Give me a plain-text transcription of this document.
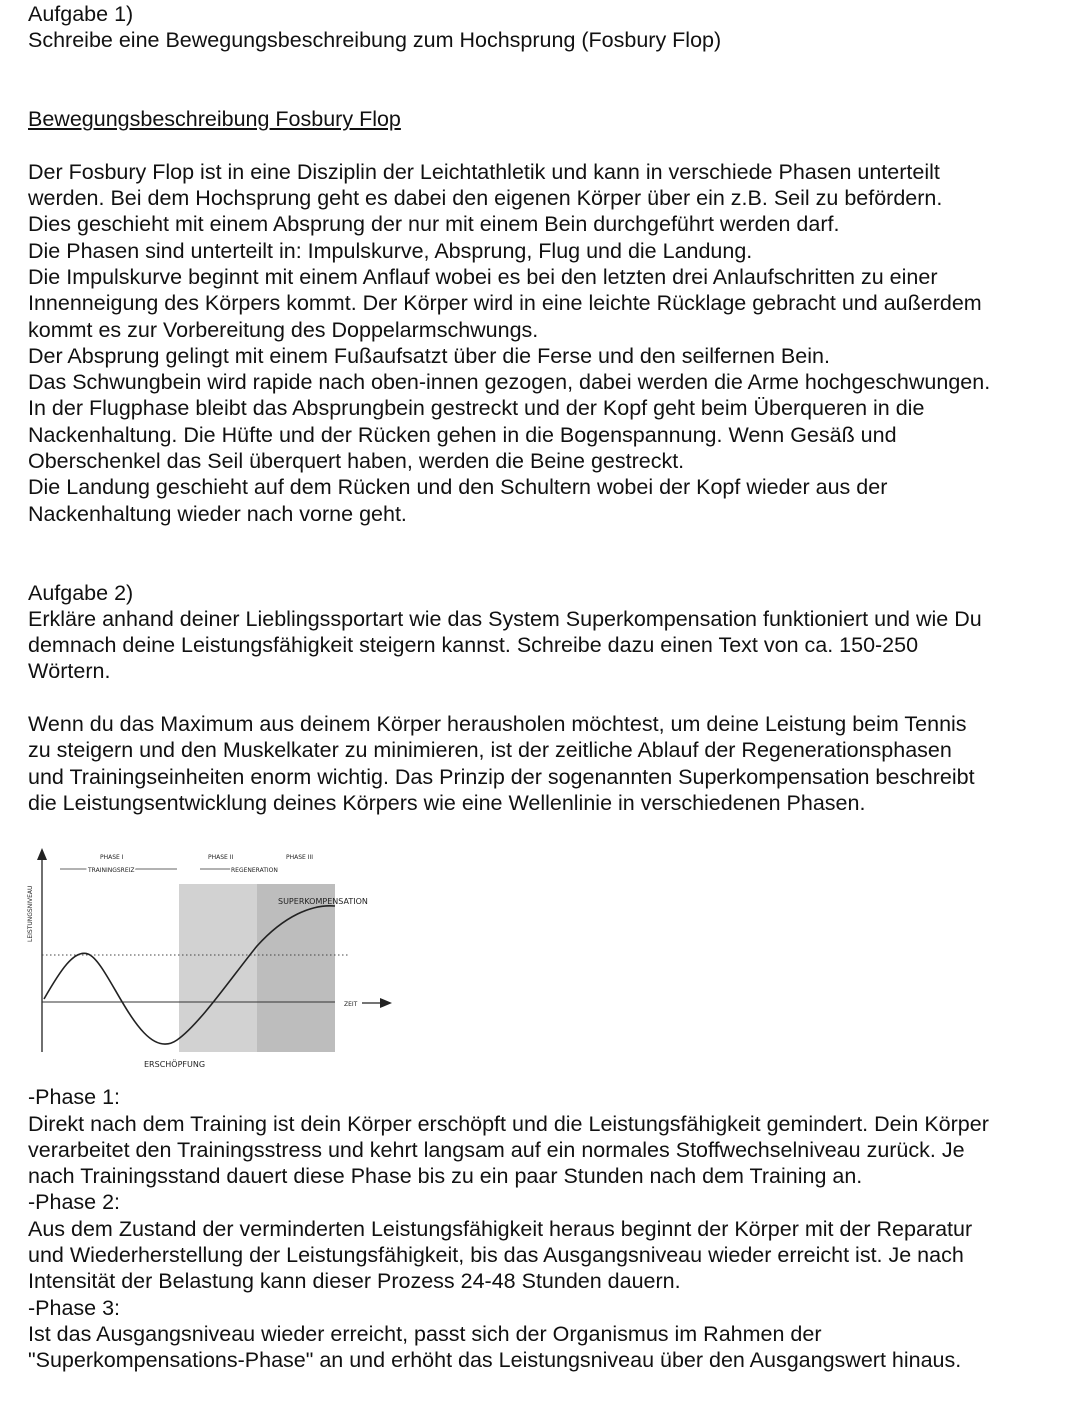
Aufgabe 1)

Schreibe eine Bewegungsbeschreibung zum Hochsprung (Fosbury Flop)

Bewegungsbeschreibung Fosbury Flop

Der Fosbury Flop ist in eine Disziplin der Leichtathletik und kann in verschiede Phasen unterteilt

werden. Bei dem Hochsprung geht es dabei den eigenen Körper über ein z.B. Seil zu befördern.

Dies geschieht mit einem Absprung der nur mit einem Bein durchgeführt werden darf.

Die Phasen sind unterteilt in: Impulskurve, Absprung, Flug und die Landung.

Die Impulskurve beginnt mit einem Anflauf wobei es bei den letzten drei Anlaufschritten zu einer

Innenneigung des Körpers kommt. Der Körper wird in eine leichte Rücklage gebracht und außerdem

kommt es zur Vorbereitung des Doppelarmschwungs.

Der Absprung gelingt mit einem Fußaufsatzt über die Ferse und den seilfernen Bein.

Das Schwungbein wird rapide nach oben-innen gezogen, dabei werden die Arme hochgeschwungen.

In der Flugphase bleibt das Absprungbein gestreckt und der Kopf geht beim Überqueren in die

Nackenhaltung. Die Hüfte und der Rücken gehen in die Bogenspannung. Wenn Gesäß und

Oberschenkel das Seil überquert haben, werden die Beine gestreckt.

Die Landung geschieht auf dem Rücken und den Schultern wobei der Kopf wieder aus der

Nackenhaltung wieder nach vorne geht.

Aufgabe 2)

Erkläre anhand deiner Lieblingssportart wie das System Superkompensation funktioniert und wie Du

demnach deine Leistungsfähigkeit steigern kannst. Schreibe dazu einen Text von ca. 150-250

Wörtern.

Wenn du das Maximum aus deinem Körper herausholen möchtest, um deine Leistung beim Tennis

zu steigern und den Muskelkater zu minimieren, ist der zeitliche Ablauf der Regenerationsphasen

und Trainingseinheiten enorm wichtig. Das Prinzip der sogenannten Superkompensation beschreibt

die Leistungsentwicklung deines Körpers wie eine Wellenlinie in verschiedenen Phasen.

PHASE I	PHASE II	PHASE III
TRAININGSREIZ	REGENERATION
SUPERKOMPENSATION
ERSCHÖPFUNG
ZEIT
LEISTUNGSNIVEAU

-Phase 1:

Direkt nach dem Training ist dein Körper erschöpft und die Leistungsfähigkeit gemindert. Dein Körper

verarbeitet den Trainingsstress und kehrt langsam auf ein normales Stoffwechselniveau zurück. Je

nach Trainingsstand dauert diese Phase bis zu ein paar Stunden nach dem Training an.

-Phase 2:

Aus dem Zustand der verminderten Leistungsfähigkeit heraus beginnt der Körper mit der Reparatur

und Wiederherstellung der Leistungsfähigkeit, bis das Ausgangsniveau wieder erreicht ist. Je nach

Intensität der Belastung kann dieser Prozess 24-48 Stunden dauern.

-Phase 3:

Ist das Ausgangsniveau wieder erreicht, passt sich der Organismus im Rahmen der

"Superkompensations-Phase" an und erhöht das Leistungsniveau über den Ausgangswert hinaus.
